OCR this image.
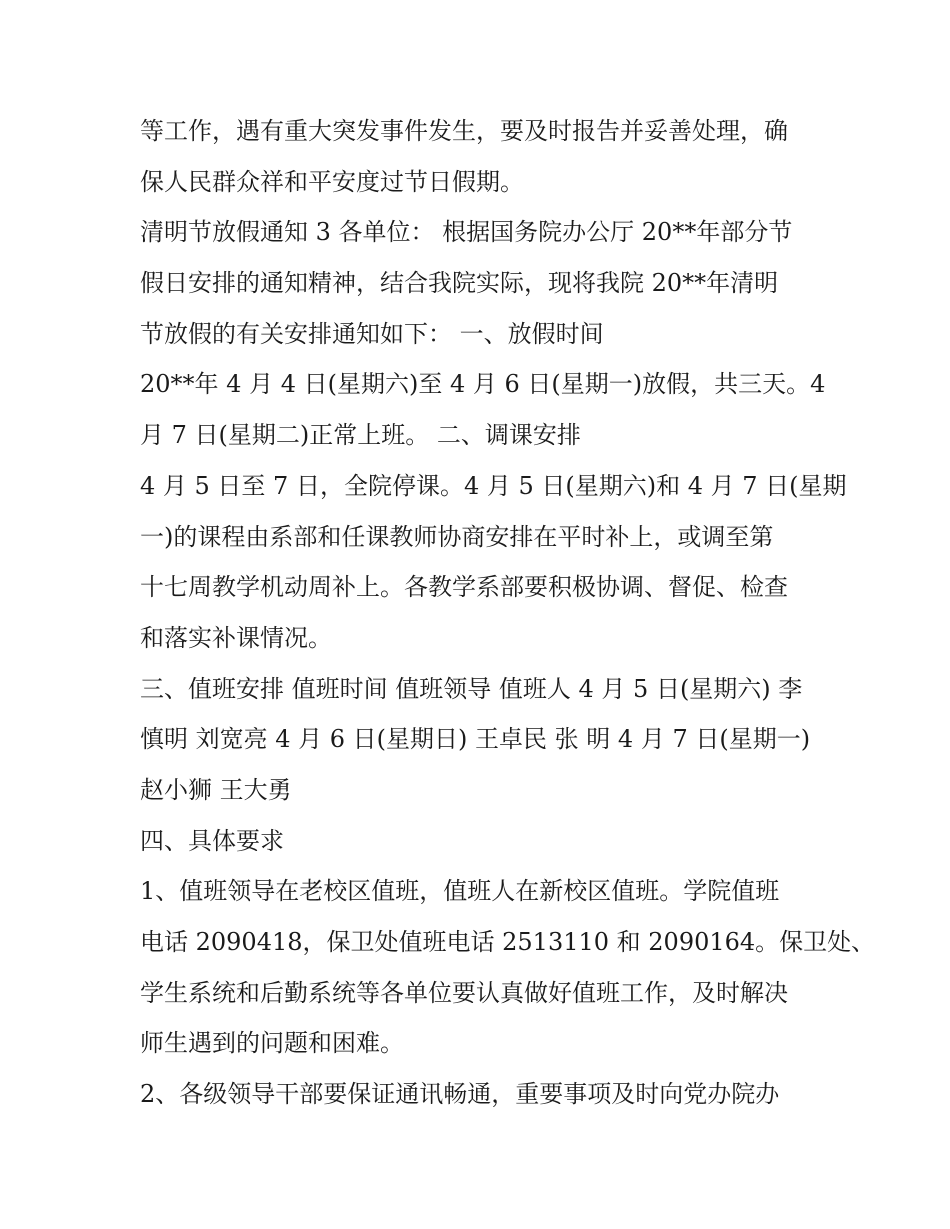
等工作，遇有重大突发事件发生，要及时报告并妥善处理，确
保人民群众祥和平安度过节日假期。
清明节放假通知 3 各单位： 根据国务院办公厅 20**年部分节
假日安排的通知精神，结合我院实际，现将我院 20**年清明
节放假的有关安排通知如下： 一、放假时间
20**年 4 月 4 日(星期六)至 4 月 6 日(星期一)放假，共三天。4
月 7 日(星期二)正常上班。 二、调课安排
4 月 5 日至 7 日，全院停课。4 月 5 日(星期六)和 4 月 7 日(星期
一)的课程由系部和任课教师协商安排在平时补上，或调至第
十七周教学机动周补上。各教学系部要积极协调、督促、检查
和落实补课情况。
三、值班安排 值班时间 值班领导 值班人 4 月 5 日(星期六) 李
慎明 刘宽亮 4 月 6 日(星期日) 王卓民 张 明 4 月 7 日(星期一)
赵小狮 王大勇
四、具体要求
1、值班领导在老校区值班，值班人在新校区值班。学院值班
电话 2090418，保卫处值班电话 2513110 和 2090164。保卫处、
学生系统和后勤系统等各单位要认真做好值班工作，及时解决
师生遇到的问题和困难。
2、各级领导干部要保证通讯畅通，重要事项及时向党办院办
